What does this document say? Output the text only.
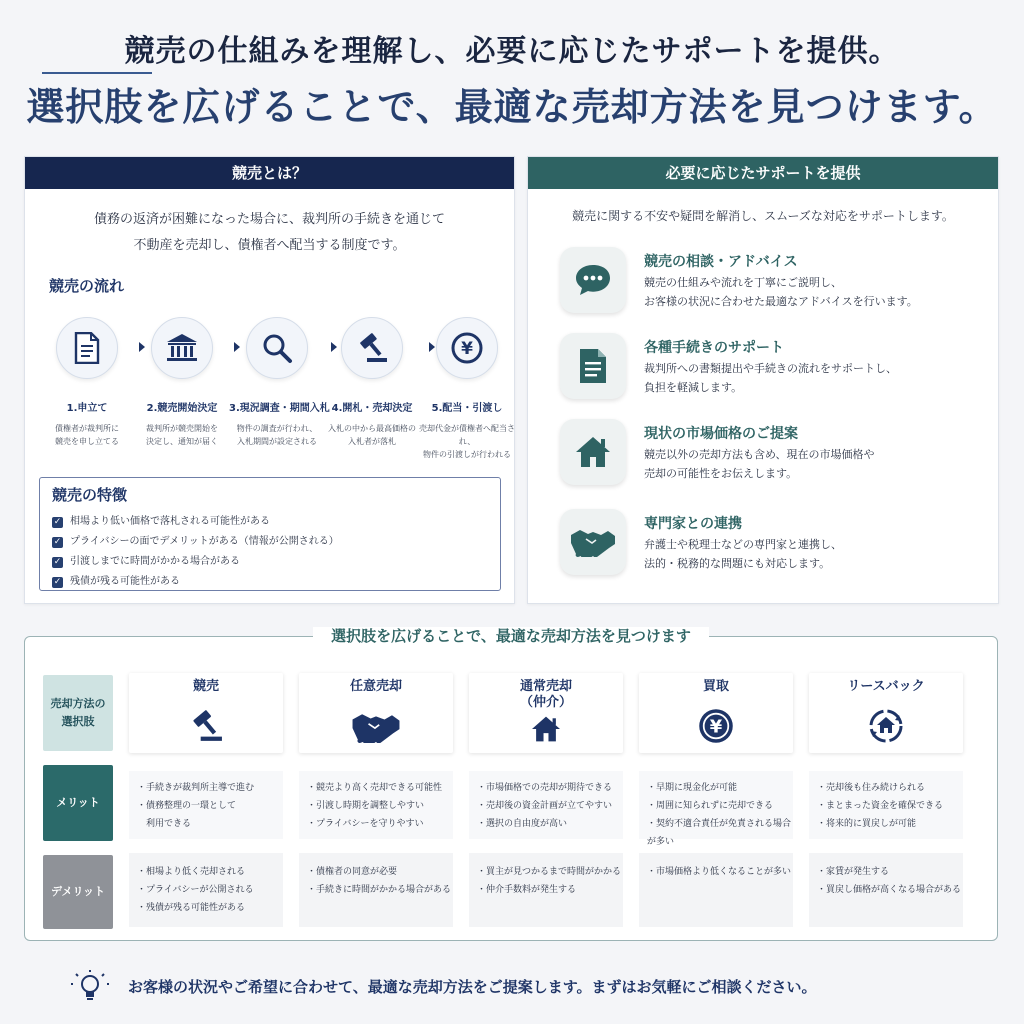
競売の仕組みを理解し、必要に応じたサポートを提供。
選択肢を広げることで、最適な売却方法を見つけます。
競売とは？
債務の返済が困難になった場合に、裁判所の手続きを通じて
不動産を売却し、債権者へ配当する制度です。
競売の流れ
1.申立て
債権者が裁判所に
競売を申し立てる
2.競売開始決定
裁判所が競売開始を
決定し、通知が届く
3.現況調査・期間入札
物件の調査が行われ、
入札期間が設定される
4.開札・売却決定
入札の中から最高価格の
入札者が落札
¥
5.配当・引渡し
売却代金が債権者へ配当され、
物件の引渡しが行われる
競売の特徴
✓ 相場より低い価格で落札される可能性がある
✓ プライバシーの面でデメリットがある（情報が公開される）
✓ 引渡しまでに時間がかかる場合がある
✓ 残債が残る可能性がある
必要に応じたサポートを提供
競売に関する不安や疑問を解消し、スムーズな対応をサポートします。
競売の相談・アドバイス
競売の仕組みや流れを丁寧にご説明し、
お客様の状況に合わせた最適なアドバイスを行います。
各種手続きのサポート
裁判所への書類提出や手続きの流れをサポートし、
負担を軽減します。
現状の市場価格のご提案
競売以外の売却方法も含め、現在の市場価格や
売却の可能性をお伝えします。
専門家との連携
弁護士や税理士などの専門家と連携し、
法的・税務的な問題にも対応します。
選択肢を広げることで、最適な売却方法を見つけます
売却方法の
選択肢
メリット
デメリット
競売
・手続きが裁判所主導で進む
・債務整理の一環として
　利用できる
・相場より低く売却される
・プライバシーが公開される
・残債が残る可能性がある
任意売却
・競売より高く売却できる可能性
・引渡し時期を調整しやすい
・プライバシーを守りやすい
・債権者の同意が必要
・手続きに時間がかかる場合がある
通常売却
（仲介）
・市場価格での売却が期待できる
・売却後の資金計画が立てやすい
・選択の自由度が高い
・買主が見つかるまで時間がかかる
・仲介手数料が発生する
買取
¥
・早期に現金化が可能
・周囲に知られずに売却できる
・契約不適合責任が免責される場合が多い
・市場価格より低くなることが多い
リースバック
・売却後も住み続けられる
・まとまった資金を確保できる
・将来的に買戻しが可能
・家賃が発生する
・買戻し価格が高くなる場合がある
お客様の状況やご希望に合わせて、最適な売却方法をご提案します。まずはお気軽にご相談ください。
